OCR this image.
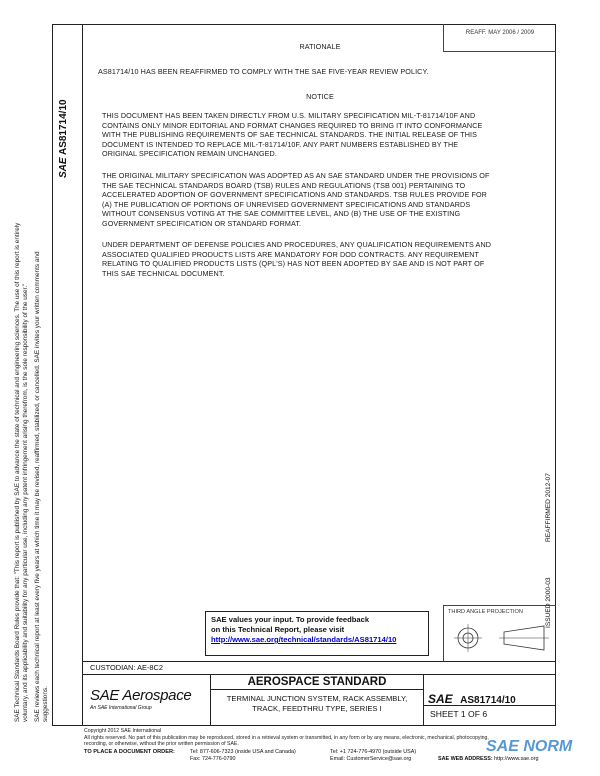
SAE Technical Standards Board Rules provide that: "This report is published by SAE to advance the state of technical and engineering sciences. The use of this report is entirely voluntary, and its applicability and suitability for any particular use, including any patent infringement arising therefrom, is the sole responsibility of the user." SAE reviews each technical report at least every five years at which time it may be revised, reaffirmed, stabilized, or cancelled. SAE invites your written comments and suggestions.
SAE AS81714/10
REAFF. MAY 2006 / 2009
REAFFIRMED 2012-07
ISSUED 2000-03
RATIONALE
AS81714/10 HAS BEEN REAFFIRMED TO COMPLY WITH THE SAE FIVE-YEAR REVIEW POLICY.
NOTICE
THIS DOCUMENT HAS BEEN TAKEN DIRECTLY FROM U.S. MILITARY SPECIFICATION MIL-T-81714/10F AND
CONTAINS ONLY MINOR EDITORIAL AND FORMAT CHANGES REQUIRED TO BRING IT INTO CONFORMANCE
WITH THE PUBLISHING REQUIREMENTS OF SAE TECHNICAL STANDARDS. THE INITIAL RELEASE OF THIS
DOCUMENT IS INTENDED TO REPLACE MIL-T-81714/10F. ANY PART NUMBERS ESTABLISHED BY THE
ORIGINAL SPECIFICATION REMAIN UNCHANGED.
THE ORIGINAL MILITARY SPECIFICATION WAS ADOPTED AS AN SAE STANDARD UNDER THE PROVISIONS OF
THE SAE TECHNICAL STANDARDS BOARD (TSB) RULES AND REGULATIONS (TSB 001) PERTAINING TO
ACCELERATED ADOPTION OF GOVERNMENT SPECIFICATIONS AND STANDARDS. TSB RULES PROVIDE FOR
(A) THE PUBLICATION OF PORTIONS OF UNREVISED GOVERNMENT SPECIFICATIONS AND STANDARDS
WITHOUT CONSENSUS VOTING AT THE SAE COMMITTEE LEVEL, AND (B) THE USE OF THE EXISTING
GOVERNMENT SPECIFICATION OR STANDARD FORMAT.
UNDER DEPARTMENT OF DEFENSE POLICIES AND PROCEDURES, ANY QUALIFICATION REQUIREMENTS AND
ASSOCIATED QUALIFIED PRODUCTS LISTS ARE MANDATORY FOR DOD CONTRACTS. ANY REQUIREMENT
RELATING TO QUALIFIED PRODUCTS LISTS (QPL'S) HAS NOT BEEN ADOPTED BY SAE AND IS NOT PART OF
THIS SAE TECHNICAL DOCUMENT.
SAE values your input. To provide feedback
on this Technical Report, please visit
http://www.sae.org/technical/standards/AS81714/10
THIRD ANGLE PROJECTION
CUSTODIAN: AE-8C2
SAE Aerospace
An SAE International Group
AEROSPACE STANDARD
TERMINAL JUNCTION SYSTEM, RACK ASSEMBLY,
TRACK, FEEDTHRU TYPE, SERIES I
SAE AS81714/10
SHEET 1 OF 6
Copyright 2012 SAE International
All rights reserved. No part of this publication may be reproduced, stored in a retrieval system or transmitted, in any form or by any means, electronic, mechanical, photocopying,
recording, or otherwise, without the prior written permission of SAE.
TO PLACE A DOCUMENT ORDER:	Tel: 877-606-7323 (inside USA and Canada)
Fax: 724-776-0790
Tel: +1 724-776-4970 (outside USA)
Email: CustomerService@sae.org	SAE WEB ADDRESS: http://www.sae.org
SAE NORM
